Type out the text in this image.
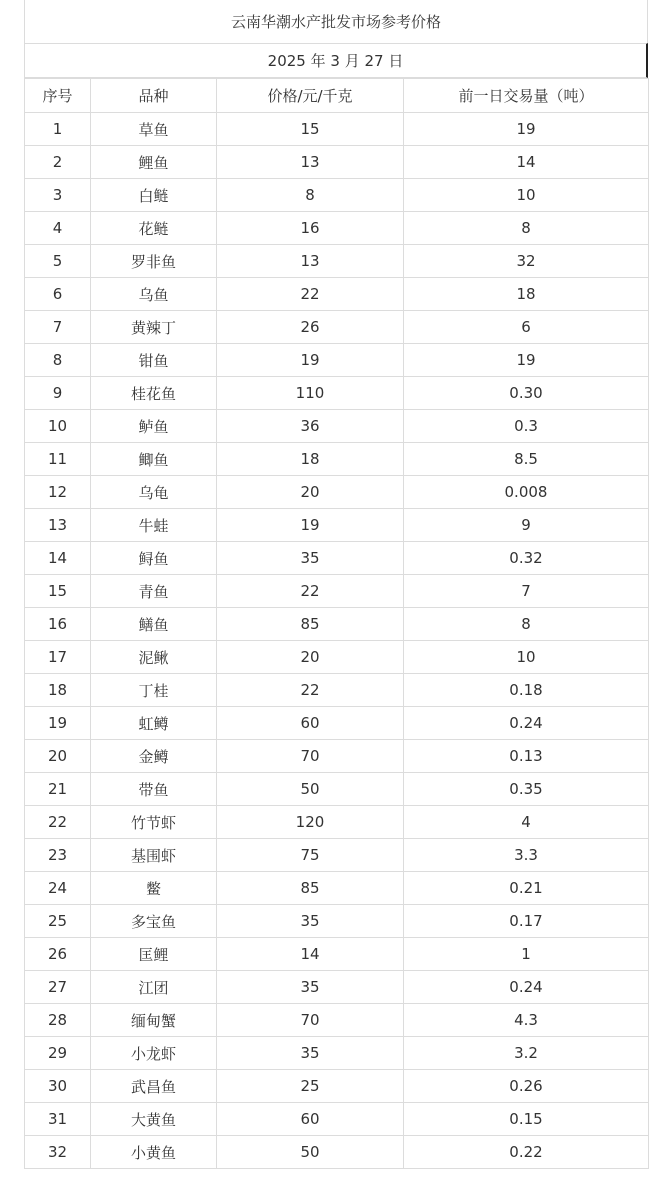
云南华潮水产批发市场参考价格
2025 年 3 月 27 日
序号	品种	价格/元/千克	前一日交易量（吨）
1	草鱼	15	19
2	鲤鱼	13	14
3	白鲢	8	10
4	花鲢	16	8
5	罗非鱼	13	32
6	乌鱼	22	18
7	黄辣丁	26	6
8	钳鱼	19	19
9	桂花鱼	110	0.30
10	鲈鱼	36	0.3
11	鲫鱼	18	8.5
12	乌龟	20	0.008
13	牛蛙	19	9
14	鲟鱼	35	0.32
15	青鱼	22	7
16	鳝鱼	85	8
17	泥鳅	20	10
18	丁桂	22	0.18
19	虹鳟	60	0.24
20	金鳟	70	0.13
21	带鱼	50	0.35
22	竹节虾	120	4
23	基围虾	75	3.3
24	鳖	85	0.21
25	多宝鱼	35	0.17
26	匡鲤	14	1
27	江团	35	0.24
28	缅甸蟹	70	4.3
29	小龙虾	35	3.2
30	武昌鱼	25	0.26
31	大黄鱼	60	0.15
32	小黄鱼	50	0.22
